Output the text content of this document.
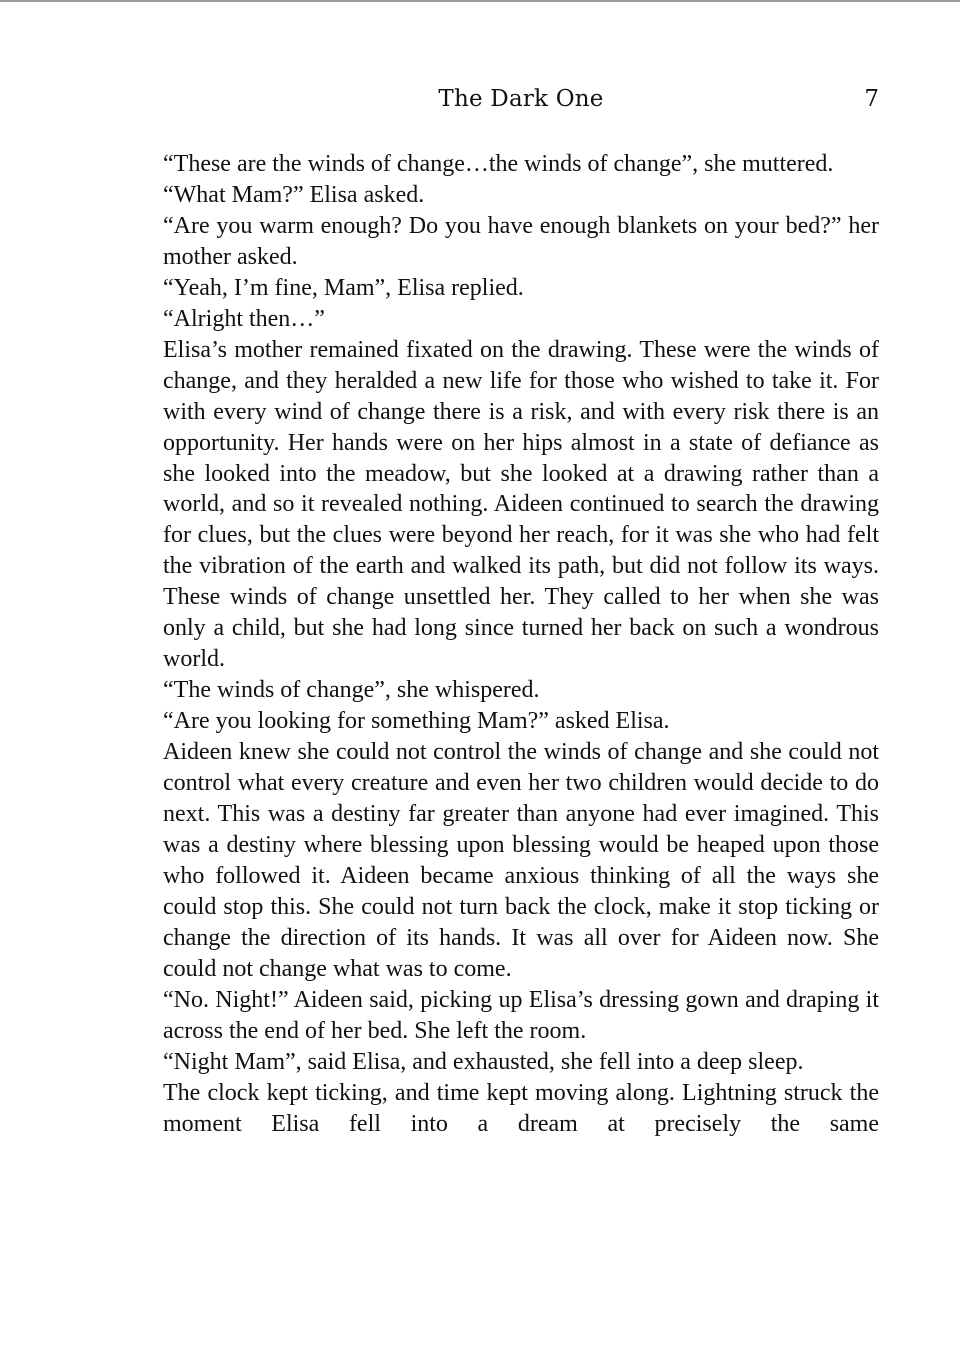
The Dark One	7

“These are the winds of change…the winds of change”, she muttered.

“What Mam?” Elisa asked.

“Are you warm enough? Do you have enough blankets on your bed?” her mother asked.

“Yeah, I’m fine, Mam”, Elisa replied.

“Alright then…”

Elisa’s mother remained fixated on the drawing. These were the winds of change, and they heralded a new life for those who wished to take it. For with every wind of change there is a risk, and with every risk there is an opportunity. Her hands were on her hips almost in a state of defiance as she looked into the meadow, but she looked at a drawing rather than a world, and so it revealed nothing. Aideen continued to search the drawing for clues, but the clues were beyond her reach, for it was she who had felt the vibration of the earth and walked its path, but did not follow its ways. These winds of change unsettled her. They called to her when she was only a child, but she had long since turned her back on such a wondrous world.

“The winds of change”, she whispered.

“Are you looking for something Mam?” asked Elisa.

Aideen knew she could not control the winds of change and she could not control what every creature and even her two children would decide to do next. This was a destiny far greater than anyone had ever imagined. This was a destiny where blessing upon blessing would be heaped upon those who followed it. Aideen became anxious thinking of all the ways she could stop this. She could not turn back the clock, make it stop ticking or change the direction of its hands. It was all over for Aideen now. She could not change what was to come.

“No. Night!” Aideen said, picking up Elisa’s dressing gown and draping it across the end of her bed. She left the room.

“Night Mam”, said Elisa, and exhausted, she fell into a deep sleep.

The clock kept ticking, and time kept moving along. Lightning struck the moment Elisa fell into a dream at precisely the same
